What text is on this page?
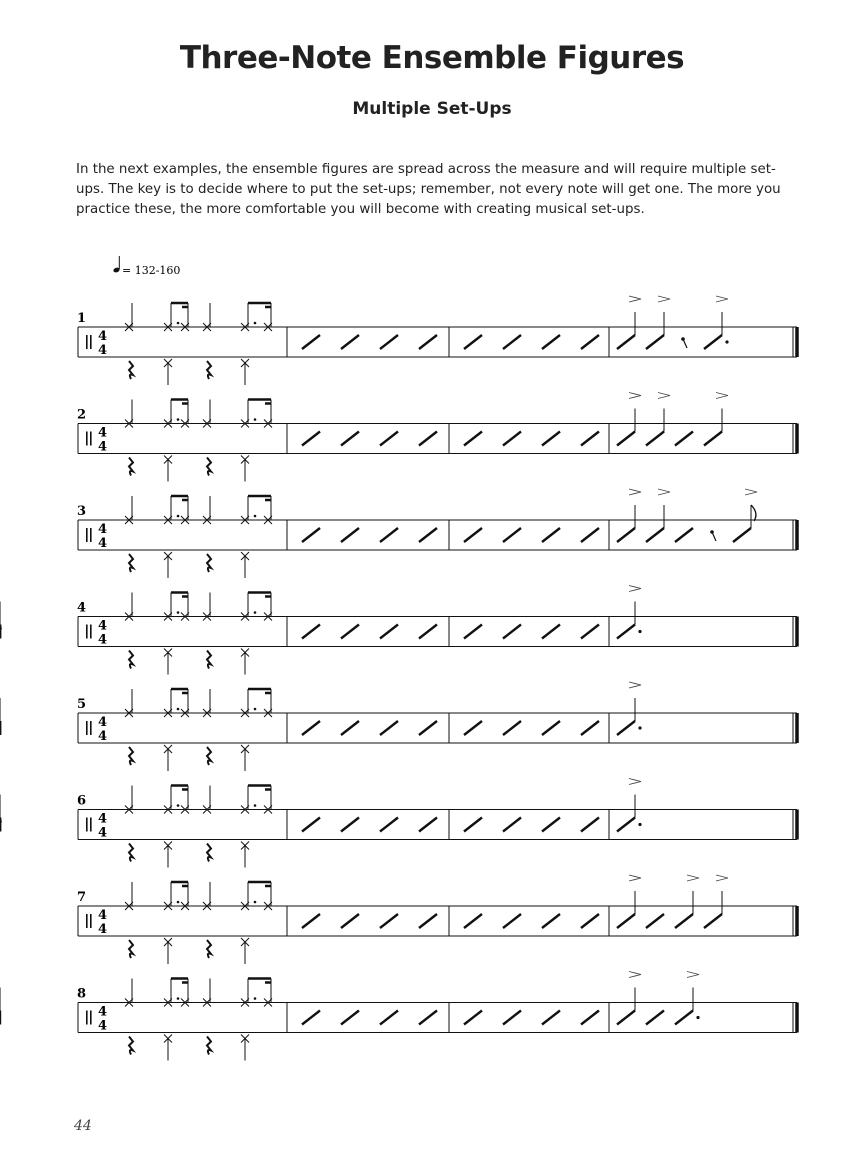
Three-Note Ensemble Figures
Multiple Set-Ups
In the next examples, the ensemble figures are spread across the measure and will require multiple set-ups. The key is to decide where to put the set-ups; remember, not every note will get one. The more you practice these, the more comfortable you will become with creating musical set-ups.
= 132-160
1
4
4
2
4
4
3
4
4
4
4
4
5
4
4
6
4
4
7
4
4
8
4
4
44
